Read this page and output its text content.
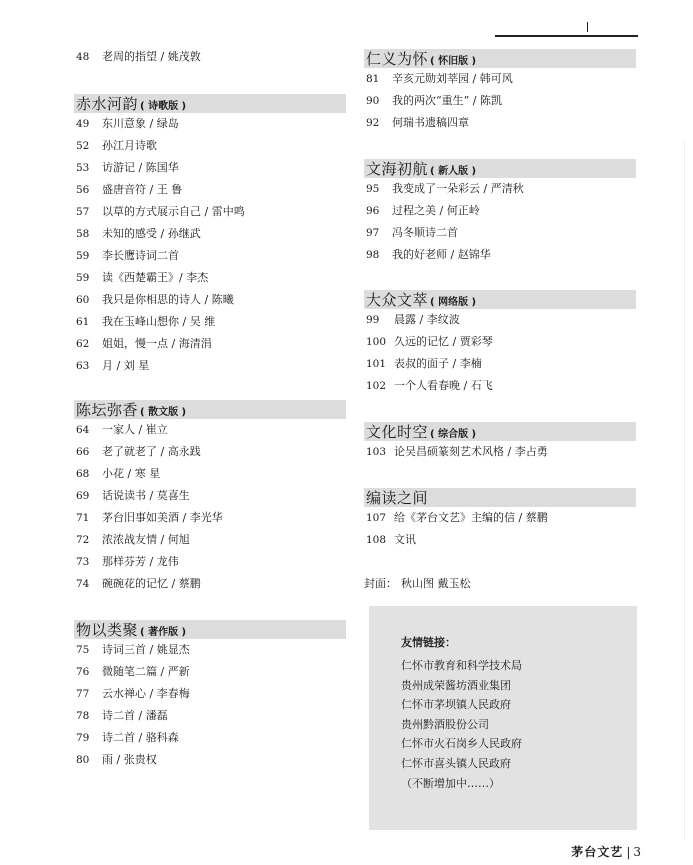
48 老周的指望 / 姚茂敦
赤水河韵 ( 诗歌版 )
49 东川意象 / 绿岛
52 孙江月诗歌
53 访游记 / 陈国华
56 盛唐音符 / 王 鲁
57 以草的方式展示自己 / 雷中鸣
58 未知的感受 / 孙继武
59 李长鹰诗词二首
59 读《西楚霸王》/ 李杰
60 我只是你相思的诗人 / 陈曦
61 我在玉峰山想你 / 吴 维
62 姐姐，慢一点 / 海清涓
63 月 / 刘 星
陈坛弥香 ( 散文版 )
64 一家人 / 崔立
66 老了就老了 / 高永践
68 小花 / 寒 星
69 话说读书 / 莫喜生
71 茅台旧事如美酒 / 李光华
72 浓浓战友情 / 何旭
73 那样芬芳 / 龙伟
74 碗碗花的记忆 / 蔡鹏
物以类聚 ( 著作版 )
75 诗词三首 / 姚显杰
76 微随笔二篇 / 严新
77 云水禅心 / 李春梅
78 诗二首 / 潘磊
79 诗二首 / 骆科森
80 雨 / 张贵权
仁义为怀 ( 怀旧版 )
81 辛亥元勋刘莘园 / 韩可风
90 我的两次“重生” / 陈凯
92 何瑞书遗稿四章
文海初航 ( 新人版 )
95 我变成了一朵彩云 / 严清秋
96 过程之美 / 何正岭
97 冯冬顺诗二首
98 我的好老师 / 赵锦华
大众文萃 ( 网络版 )
99 晨露 / 李纹波
100 久远的记忆 / 贾彩琴
101 表叔的面子 / 李楠
102 一个人看春晚 / 石飞
文化时空 ( 综合版 )
103 论吴昌硕篆刻艺术风格 / 李占勇
编读之间
107 给《茅台文艺》主编的信 / 蔡鹏
108 文讯
封面： 秋山图 戴玉松
友情链接：
仁怀市教育和科学技术局
贵州成荣酱坊酒业集团
仁怀市茅坝镇人民政府
贵州黔酒股份公司
仁怀市火石岗乡人民政府
仁怀市喜头镇人民政府
（不断增加中……）
茅台文艺 | 3
